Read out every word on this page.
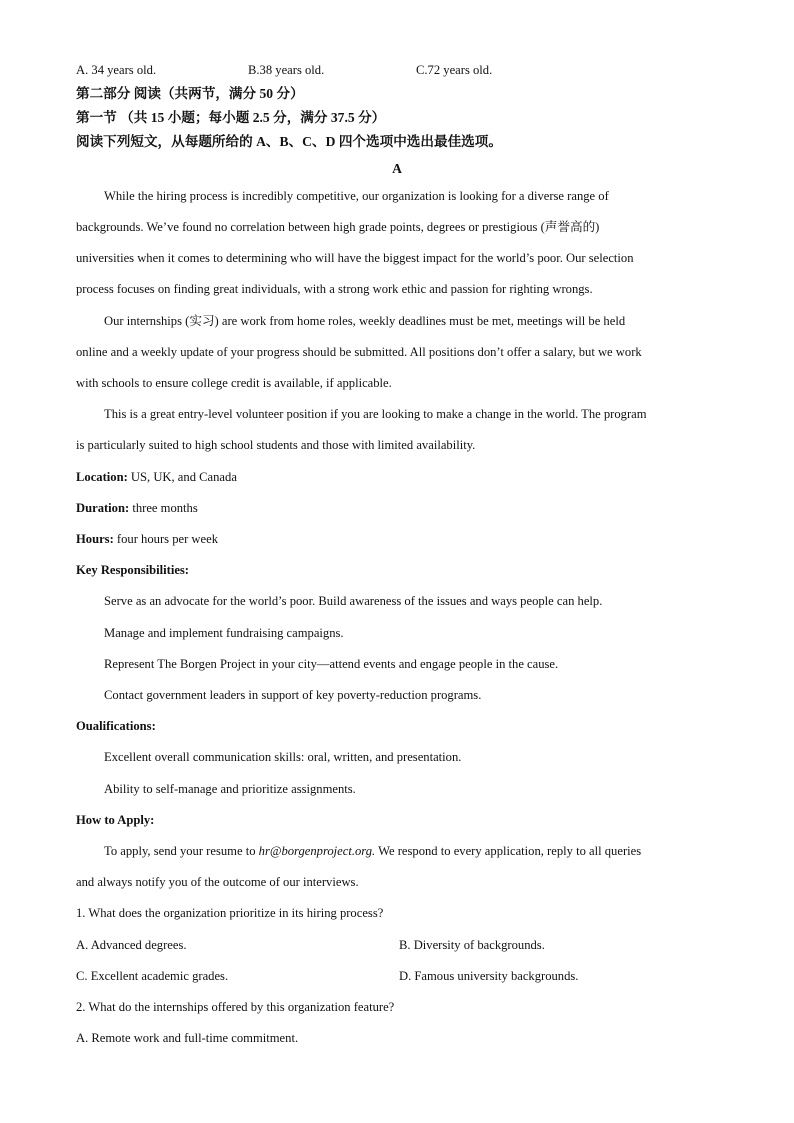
A. 34 years old.	B.38 years old.	C.72 years old.
第二部分 阅读（共两节，满分 50 分）
第一节 （共 15 小题；每小题 2.5 分，满分 37.5 分）
阅读下列短文，从每题所给的 A、B、C、D 四个选项中选出最佳选项。
A
While the hiring process is incredibly competitive, our organization is looking for a diverse range of
backgrounds. We’ve found no correlation between high grade points, degrees or prestigious (声誉高的)
universities when it comes to determining who will have the biggest impact for the world’s poor. Our selection
process focuses on finding great individuals, with a strong work ethic and passion for righting wrongs.
Our internships (实习) are work from home roles, weekly deadlines must be met, meetings will be held
online and a weekly update of your progress should be submitted. All positions don’t offer a salary, but we work
with schools to ensure college credit is available, if applicable.
This is a great entry-level volunteer position if you are looking to make a change in the world. The program
is particularly suited to high school students and those with limited availability.
Location: US, UK, and Canada
Duration: three months
Hours: four hours per week
Key Responsibilities:
Serve as an advocate for the world’s poor. Build awareness of the issues and ways people can help.
Manage and implement fundraising campaigns.
Represent The Borgen Project in your city—attend events and engage people in the cause.
Contact government leaders in support of key poverty-reduction programs.
Oualifications:
Excellent overall communication skills: oral, written, and presentation.
Ability to self-manage and prioritize assignments.
How to Apply:
To apply, send your resume to hr@borgenproject.org. We respond to every application, reply to all queries
and always notify you of the outcome of our interviews.
1. What does the organization prioritize in its hiring process?
A. Advanced degrees.	B. Diversity of backgrounds.
C. Excellent academic grades.	D. Famous university backgrounds.
2. What do the internships offered by this organization feature?
A. Remote work and full-time commitment.
